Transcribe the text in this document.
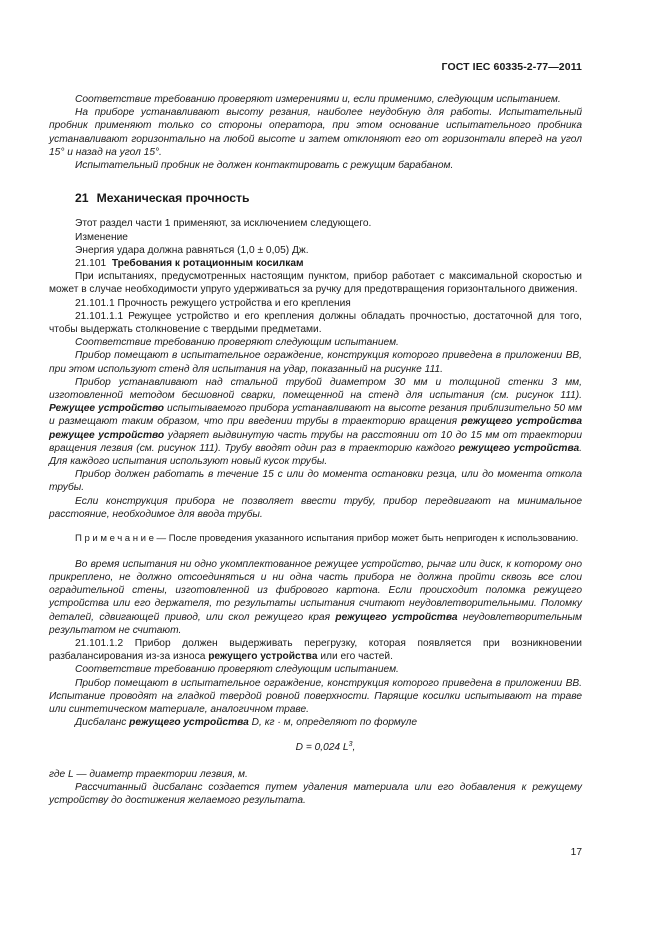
ГОСТ IEC 60335-2-77—2011

Соответствие требованию проверяют измерениями и, если применимо, следующим испытанием.

На приборе устанавливают высоту резания, наиболее неудобную для работы. Испытательный пробник применяют только со стороны оператора, при этом основание испытательного пробника устанавливают горизонтально на любой высоте и затем отклоняют его от горизонтали вперед на угол 15° и назад на угол 15°.

Испытательный пробник не должен контактировать с режущим барабаном.

21 Механическая прочность

Этот раздел части 1 применяют, за исключением следующего.

Изменение

Энергия удара должна равняться (1,0 ± 0,05) Дж.

21.101 Требования к ротационным косилкам

При испытаниях, предусмотренных настоящим пунктом, прибор работает с максимальной скоростью и может в случае необходимости упруго удерживаться за ручку для предотвращения горизонтального движения.

21.101.1 Прочность режущего устройства и его крепления

21.101.1.1 Режущее устройство и его крепления должны обладать прочностью, достаточной для того, чтобы выдержать столкновение с твердыми предметами.

Соответствие требованию проверяют следующим испытанием.

Прибор помещают в испытательное ограждение, конструкция которого приведена в приложении ВВ, при этом используют стенд для испытания на удар, показанный на рисунке 111.

Прибор устанавливают над стальной трубой диаметром 30 мм и толщиной стенки 3 мм, изготовленной методом бесшовной сварки, помещенной на стенд для испытания (см. рисунок 111). Режущее устройство испытываемого прибора устанавливают на высоте резания приблизительно 50 мм и размещают таким образом, что при введении трубы в траекторию вращения режущего устройства режущее устройство ударяет выдвинутую часть трубы на расстоянии от 10 до 15 мм от траектории вращения лезвия (см. рисунок 111). Трубу вводят один раз в траекторию каждого режущего устройства. Для каждого испытания используют новый кусок трубы.

Прибор должен работать в течение 15 с или до момента остановки резца, или до момента откола трубы.

Если конструкция прибора не позволяет ввести трубу, прибор передвигают на минимальное расстояние, необходимое для ввода трубы.

Примечание— После проведения указанного испытания прибор может быть непригоден к использованию.

Во время испытания ни одно укомплектованное режущее устройство, рычаг или диск, к которому оно прикреплено, не должно отсоединяться и ни одна часть прибора не должна пройти сквозь все слои оградительной стены, изготовленной из фибрового картона. Если происходит поломка режущего устройства или его держателя, то результаты испытания считают неудовлетворительными. Поломку деталей, сдвигающей привод, или скол режущего края режущего устройства неудовлетворительным результатом не считают.

21.101.1.2 Прибор должен выдерживать перегрузку, которая появляется при возникновении разбалансирования из-за износа режущего устройства или его частей.

Соответствие требованию проверяют следующим испытанием.

Прибор помещают в испытательное ограждение, конструкция которого приведена в приложении ВВ. Испытание проводят на гладкой твердой ровной поверхности. Парящие косилки испытывают на траве или синтетическом материале, аналогичном траве.

Дисбаланс режущего устройства D, кг · м, определяют по формуле

D = 0,024 $L^3$,

где L — диаметр траектории лезвия, м.

Рассчитанный дисбаланс создается путем удаления материала или его добавления к режущему устройству до достижения желаемого результата.

17
